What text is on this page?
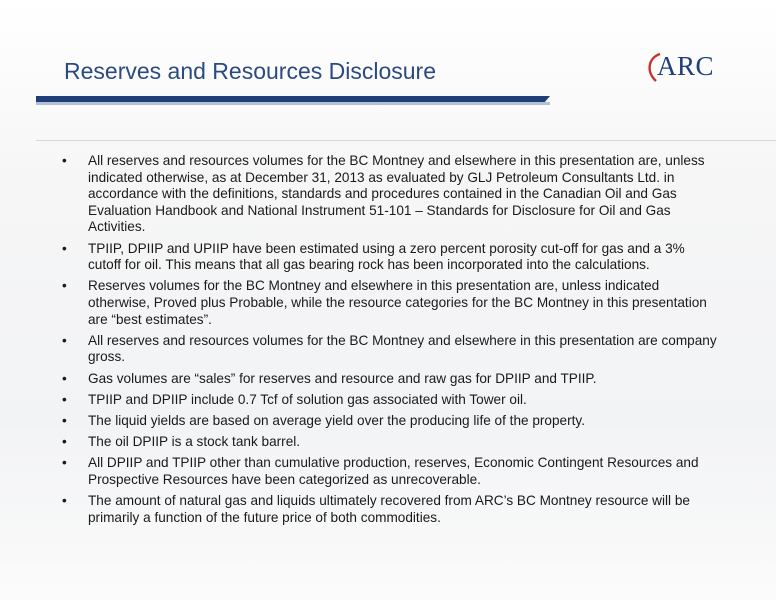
Reserves and Resources Disclosure	ARC
• All reserves and resources volumes for the BC Montney and elsewhere in this presentation are, unless indicated otherwise, as at December 31, 2013 as evaluated by GLJ Petroleum Consultants Ltd. in accordance with the definitions, standards and procedures contained in the Canadian Oil and Gas Evaluation Handbook and National Instrument 51-101 – Standards for Disclosure for Oil and Gas Activities.
• TPIIP, DPIIP and UPIIP have been estimated using a zero percent porosity cut-off for gas and a 3% cutoff for oil. This means that all gas bearing rock has been incorporated into the calculations.
• Reserves volumes for the BC Montney and elsewhere in this presentation are, unless indicated otherwise, Proved plus Probable, while the resource categories for the BC Montney in this presentation are “best estimates”.
• All reserves and resources volumes for the BC Montney and elsewhere in this presentation are company gross.
• Gas volumes are “sales” for reserves and resource and raw gas for DPIIP and TPIIP.
• TPIIP and DPIIP include 0.7 Tcf of solution gas associated with Tower oil.
• The liquid yields are based on average yield over the producing life of the property.
• The oil DPIIP is a stock tank barrel.
• All DPIIP and TPIIP other than cumulative production, reserves, Economic Contingent Resources and Prospective Resources have been categorized as unrecoverable.
• The amount of natural gas and liquids ultimately recovered from ARC’s BC Montney resource will be primarily a function of the future price of both commodities.
